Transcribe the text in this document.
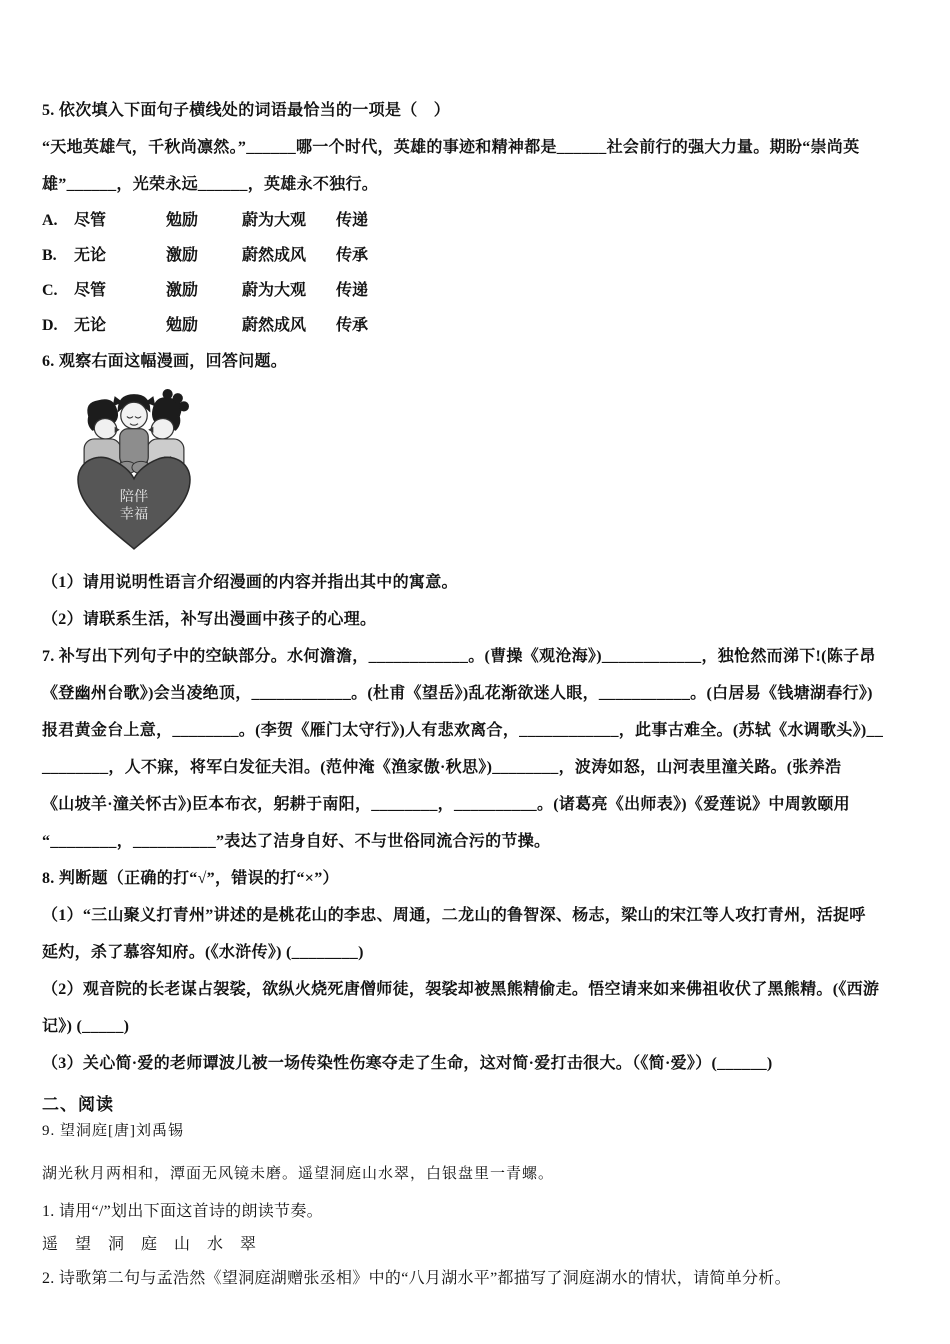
5. 依次填入下面句子横线处的词语最恰当的一项是（　）
“天地英雄气，千秋尚凛然。”______哪一个时代，英雄的事迹和精神都是______社会前行的强大力量。期盼“崇尚英
雄”______，光荣永远______，英雄永不独行。
A.	尽管	勉励	蔚为大观	传递
B.	无论	激励	蔚然成风	传承
C.	尽管	激励	蔚为大观	传递
D.	无论	勉励	蔚然成风	传承
6. 观察右面这幅漫画，回答问题。
陪伴
幸福
（1）请用说明性语言介绍漫画的内容并指出其中的寓意。
（2）请联系生活，补写出漫画中孩子的心理。
7. 补写出下列句子中的空缺部分。水何澹澹，____________。(曹操《观沧海》)____________，独怆然而涕下!(陈子昂
《登幽州台歌》)会当凌绝顶，____________。(杜甫《望岳》)乱花渐欲迷人眼，___________。(白居易《钱塘湖春行》)
报君黄金台上意，________。(李贺《雁门太守行》)人有悲欢离合，____________，此事古难全。(苏轼《水调歌头》)__
________，人不寐，将军白发征夫泪。(范仲淹《渔家傲·秋思》)________，波涛如怒，山河表里潼关路。(张养浩
《山坡羊·潼关怀古》)臣本布衣，躬耕于南阳，________，__________。(诸葛亮《出师表》)《爱莲说》中周敦颐用
“________，__________”表达了洁身自好、不与世俗同流合污的节操。
8. 判断题（正确的打“√”，错误的打“×”）
（1）“三山聚义打青州”讲述的是桃花山的李忠、周通，二龙山的鲁智深、杨志，梁山的宋江等人攻打青州，活捉呼
延灼，杀了慕容知府。(《水浒传》) (________)
（2）观音院的长老谋占袈裟，欲纵火烧死唐僧师徒，袈裟却被黑熊精偷走。悟空请来如来佛祖收伏了黑熊精。(《西游
记》) (_____)
（3）关心简·爱的老师谭波儿被一场传染性伤寒夺走了生命，这对简·爱打击很大。（《简·爱》）(______)
二、阅读
9. 望洞庭[唐]刘禹锡
湖光秋月两相和，潭面无风镜未磨。遥望洞庭山水翠，白银盘里一青螺。
1. 请用“/”划出下面这首诗的朗读节奏。
遥 望 洞 庭 山 水 翠
2. 诗歌第二句与孟浩然《望洞庭湖赠张丞相》中的“八月湖水平”都描写了洞庭湖水的情状，请简单分析。
